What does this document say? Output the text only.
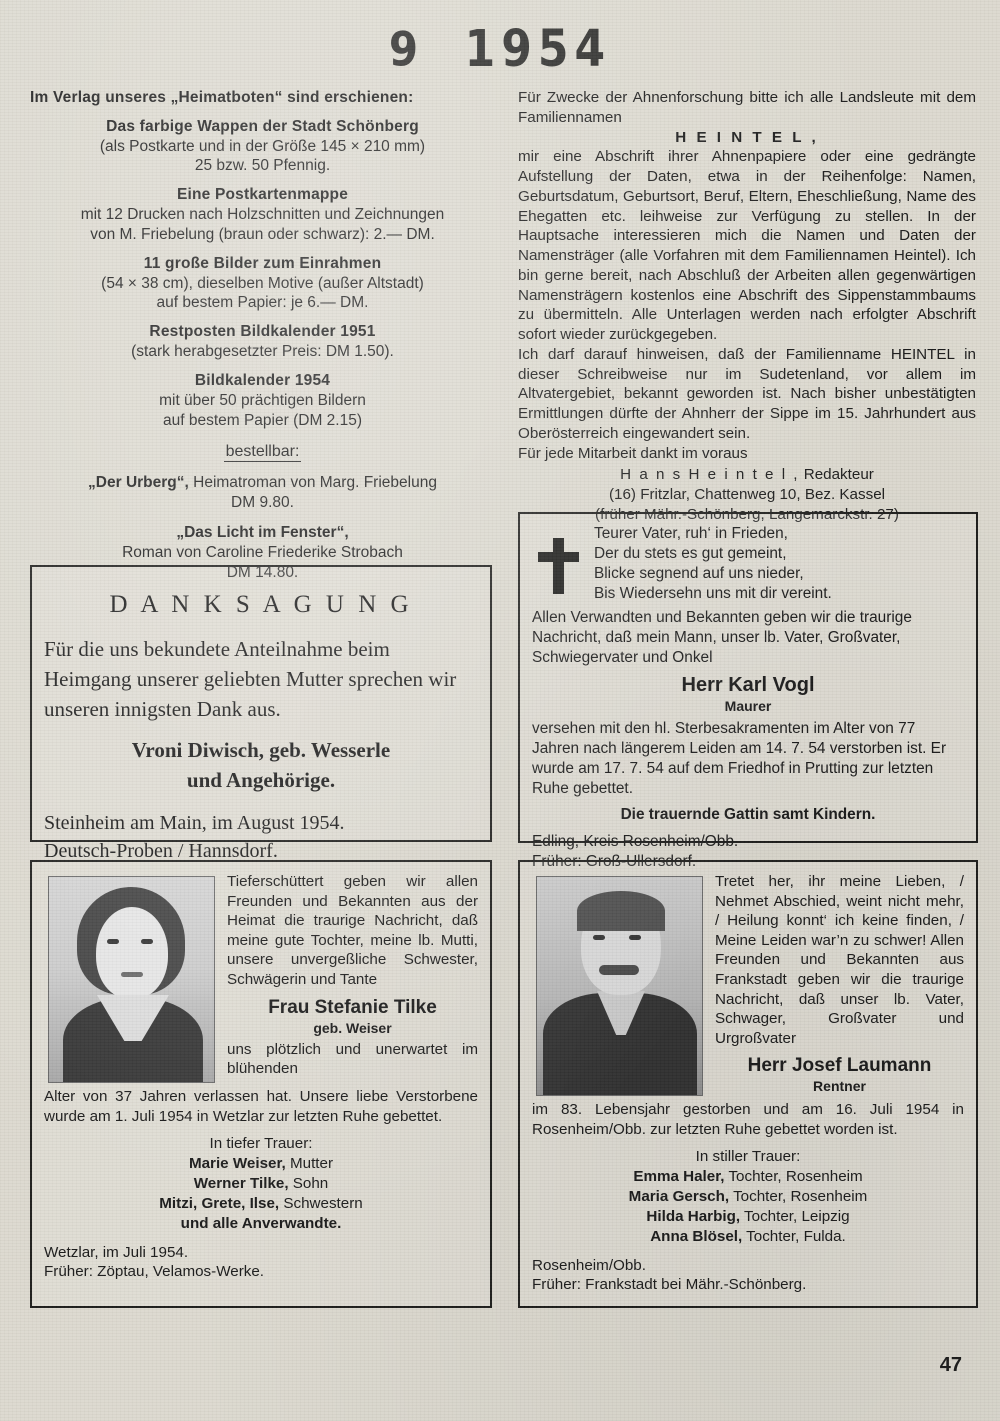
9 1954
Im Verlag unseres „Heimatboten“ sind erschienen:
Das farbige Wappen der Stadt Schönberg
(als Postkarte und in der Größe 145 × 210 mm)
25 bzw. 50 Pfennig.
Eine Postkartenmappe
mit 12 Drucken nach Holzschnitten und Zeichnungen
von M. Friebelung (braun oder schwarz): 2.— DM.
11 große Bilder zum Einrahmen
(54 × 38 cm), dieselben Motive (außer Altstadt)
auf bestem Papier: je 6.— DM.
Restposten Bildkalender 1951
(stark herabgesetzter Preis: DM 1.50).
Bildkalender 1954
mit über 50 prächtigen Bildern
auf bestem Papier (DM 2.15)
bestellbar:
„Der Urberg“, Heimatroman von Marg. Friebelung
DM 9.80.
„Das Licht im Fenster“,
Roman von Caroline Friederike Strobach
DM 14.80.

Für Zwecke der Ahnenforschung bitte ich alle Landsleute mit dem Familiennamen

H E I N T E L ,

mir eine Abschrift ihrer Ahnenpapiere oder eine gedrängte Aufstellung der Daten, etwa in der Reihenfolge: Namen, Geburtsdatum, Geburtsort, Beruf, Eltern, Eheschließung, Name des Ehegatten etc. leihweise zur Verfügung zu stellen. In der Hauptsache interessieren mich die Namen und Daten der Namensträger (alle Vorfahren mit dem Familiennamen Heintel). Ich bin gerne bereit, nach Abschluß der Arbeiten allen gegenwärtigen Namensträgern kostenlos eine Abschrift des Sippenstammbaums zu übermitteln. Alle Unterlagen werden nach erfolgter Abschrift sofort wieder zurückgegeben.

Ich darf darauf hinweisen, daß der Familienname HEINTEL in dieser Schreibweise nur im Sudetenland, vor allem im Altvatergebiet, bekannt geworden ist. Nach bisher unbestätigten Ermittlungen dürfte der Ahnherr der Sippe im 15. Jahrhundert aus Oberösterreich eingewandert sein.

Für jede Mitarbeit dankt im voraus

H a n s H e i n t e l , Redakteur
(16) Fritzlar, Chattenweg 10, Bez. Kassel
(früher Mähr.-Schönberg, Langemarckstr. 27)
D A N K S A G U N G
Für die uns bekundete Anteilnahme beim Heimgang unserer geliebten Mutter sprechen wir unseren innigsten Dank aus.
Vroni Diwisch, geb. Wesserle
und Angehörige.
Steinheim am Main, im August 1954.
Deutsch-Proben / Hannsdorf.
Teurer Vater, ruh‘ in Frieden,
Der du stets es gut gemeint,
Blicke segnend auf uns nieder,
Bis Wiedersehn uns mit dir vereint.
Allen Verwandten und Bekannten geben wir die traurige Nachricht, daß mein Mann, unser lb. Vater, Großvater, Schwiegervater und Onkel
Herr Karl Vogl
Maurer
versehen mit den hl. Sterbesakramenten im Alter von 77 Jahren nach längerem Leiden am 14. 7. 54 verstorben ist. Er wurde am 17. 7. 54 auf dem Friedhof in Prutting zur letzten Ruhe gebettet.
Die trauernde Gattin samt Kindern.
Edling, Kreis Rosenheim/Obb.
Früher: Groß-Ullersdorf.
Tieferschüttert geben wir allen Freunden und Bekannten aus der Heimat die traurige Nachricht, daß meine gute Tochter, meine lb. Mutti, unsere unvergeßliche Schwester, Schwägerin und Tante
Frau Stefanie Tilke
geb. Weiser
uns plötzlich und unerwartet im blühenden
Alter von 37 Jahren verlassen hat. Unsere liebe Verstorbene wurde am 1. Juli 1954 in Wetzlar zur letzten Ruhe gebettet.
In tiefer Trauer:
Marie Weiser, Mutter
Werner Tilke, Sohn
Mitzi, Grete, Ilse, Schwestern
und alle Anverwandte.
Wetzlar, im Juli 1954.
Früher: Zöptau, Velamos-Werke.
Tretet her, ihr meine Lieben, / Nehmet Abschied, weint nicht mehr, / Heilung konnt‘ ich keine finden, / Meine Leiden war’n zu schwer! Allen Freunden und Bekannten aus Frankstadt geben wir die traurige Nachricht, daß unser lb. Vater, Schwager, Großvater und Urgroßvater
Herr Josef Laumann
Rentner
im 83. Lebensjahr gestorben und am 16. Juli 1954 in Rosenheim/Obb. zur letzten Ruhe gebettet worden ist.
In stiller Trauer:
Emma Haler, Tochter, Rosenheim
Maria Gersch, Tochter, Rosenheim
Hilda Harbig, Tochter, Leipzig
Anna Blösel, Tochter, Fulda.
Rosenheim/Obb.
Früher: Frankstadt bei Mähr.-Schönberg.
47
